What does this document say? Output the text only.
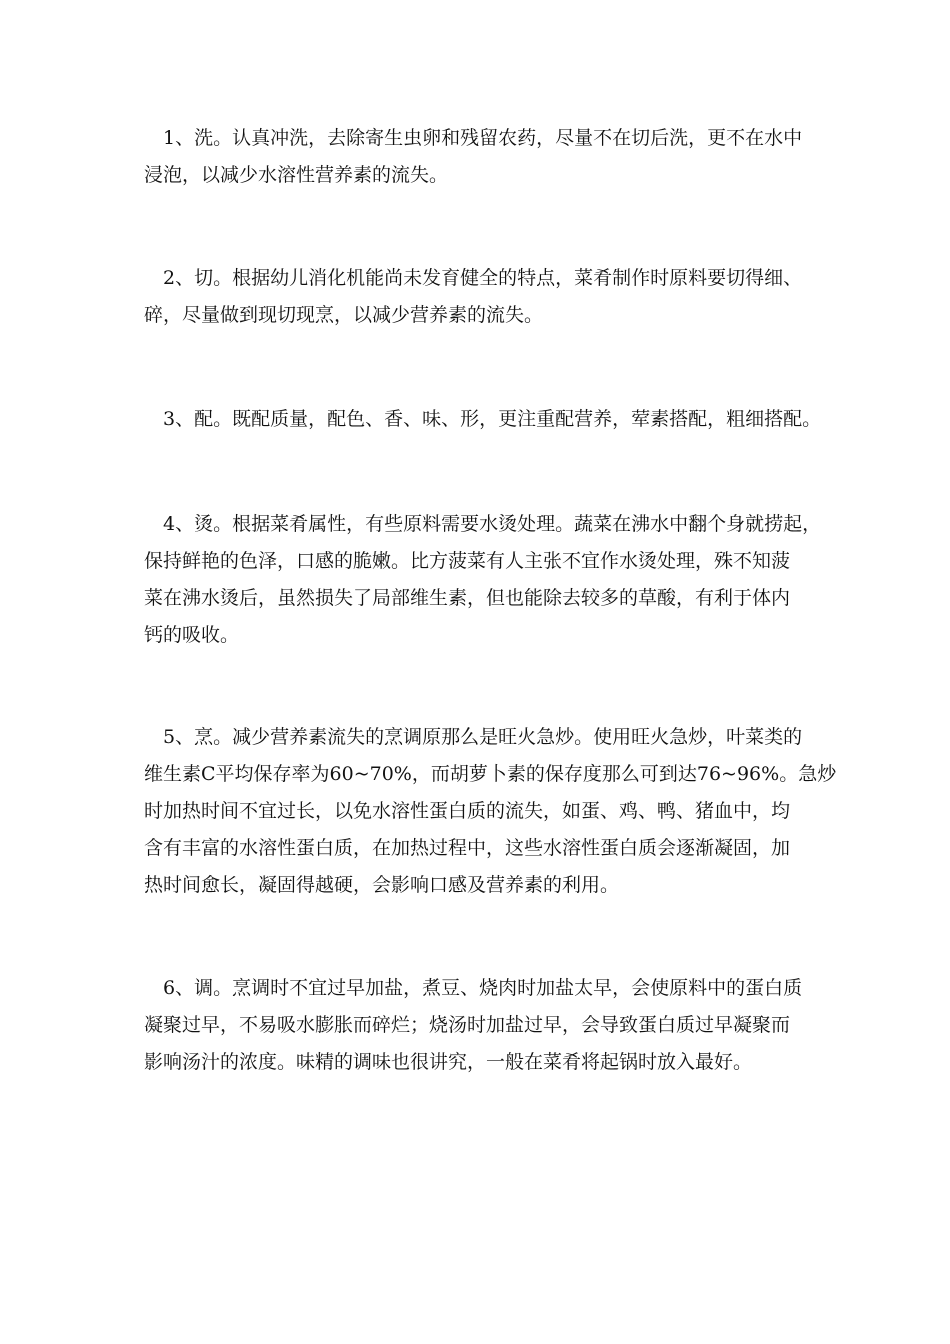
1、洗。认真冲洗，去除寄生虫卵和残留农药，尽量不在切后洗，更不在水中
浸泡，以减少水溶性营养素的流失。
2、切。根据幼儿消化机能尚未发育健全的特点，菜肴制作时原料要切得细、
碎，尽量做到现切现烹，以减少营养素的流失。
3、配。既配质量，配色、香、味、形，更注重配营养，荤素搭配，粗细搭配。
4、烫。根据菜肴属性，有些原料需要水烫处理。蔬菜在沸水中翻个身就捞起，
保持鲜艳的色泽，口感的脆嫩。比方菠菜有人主张不宜作水烫处理，殊不知菠
菜在沸水烫后，虽然损失了局部维生素，但也能除去较多的草酸，有利于体内
钙的吸收。
5、烹。减少营养素流失的烹调原那么是旺火急炒。使用旺火急炒，叶菜类的
维生素C平均保存率为60~70%，而胡萝卜素的保存度那么可到达76~96%。急炒
时加热时间不宜过长，以免水溶性蛋白质的流失，如蛋、鸡、鸭、猪血中，均
含有丰富的水溶性蛋白质，在加热过程中，这些水溶性蛋白质会逐渐凝固，加
热时间愈长，凝固得越硬，会影响口感及营养素的利用。
6、调。烹调时不宜过早加盐，煮豆、烧肉时加盐太早，会使原料中的蛋白质
凝聚过早，不易吸水膨胀而碎烂；烧汤时加盐过早，会导致蛋白质过早凝聚而
影响汤汁的浓度。味精的调味也很讲究，一般在菜肴将起锅时放入最好。
